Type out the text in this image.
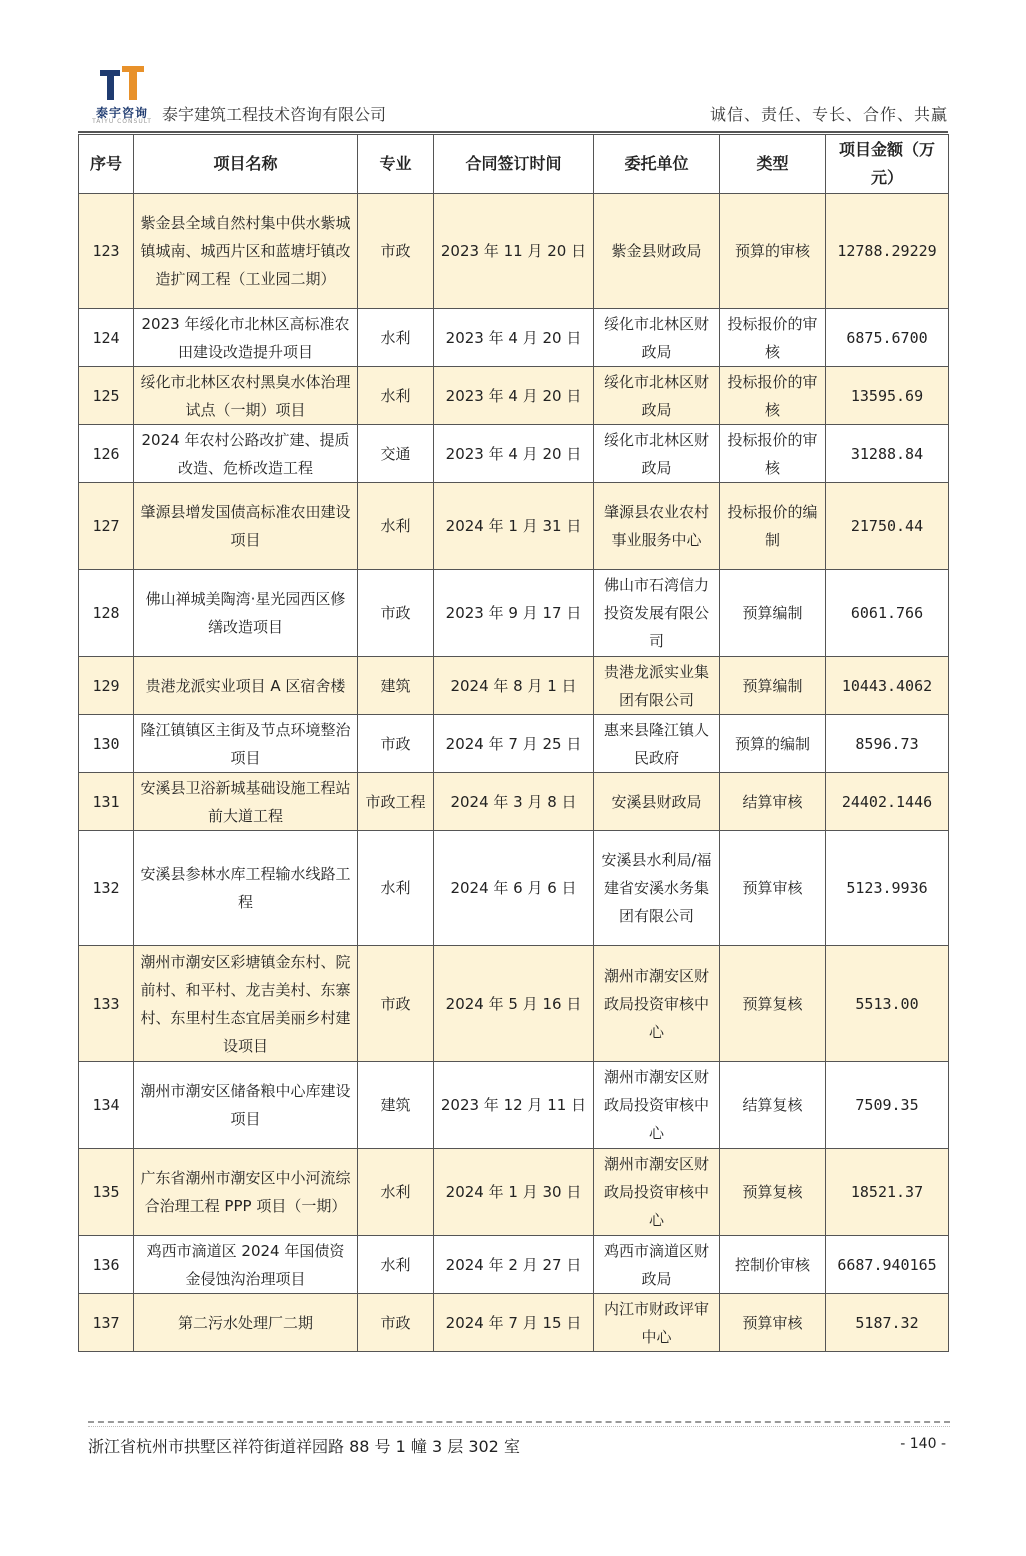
泰宇咨询
TAIYU CONSULT 泰宇建筑工程技术咨询有限公司	诚信、责任、专长、合作、共赢
序号	项目名称	专业	合同签订时间	委托单位	类型	项目金额（万元）
123	紫金县全域自然村集中供水紫城镇城南、城西片区和蓝塘圩镇改造扩网工程（工业园二期）	市政	2023 年 11 月 20 日	紫金县财政局	预算的审核	12788.29229
124	2023 年绥化市北林区高标准农田建设改造提升项目	水利	2023 年 4 月 20 日	绥化市北林区财政局	投标报价的审核	6875.6700
125	绥化市北林区农村黑臭水体治理试点（一期）项目	水利	2023 年 4 月 20 日	绥化市北林区财政局	投标报价的审核	13595.69
126	2024 年农村公路改扩建、提质改造、危桥改造工程	交通	2023 年 4 月 20 日	绥化市北林区财政局	投标报价的审核	31288.84
127	肇源县增发国债高标准农田建设项目	水利	2024 年 1 月 31 日	肇源县农业农村事业服务中心	投标报价的编制	21750.44
128	佛山禅城美陶湾·星光园西区修缮改造项目	市政	2023 年 9 月 17 日	佛山市石湾信力投资发展有限公司	预算编制	6061.766
129	贵港龙派实业项目 A 区宿舍楼	建筑	2024 年 8 月 1 日	贵港龙派实业集团有限公司	预算编制	10443.4062
130	隆江镇镇区主街及节点环境整治项目	市政	2024 年 7 月 25 日	惠来县隆江镇人民政府	预算的编制	8596.73
131	安溪县卫浴新城基础设施工程站前大道工程	市政工程	2024 年 3 月 8 日	安溪县财政局	结算审核	24402.1446
132	安溪县参林水库工程输水线路工程	水利	2024 年 6 月 6 日	安溪县水利局/福建省安溪水务集团有限公司	预算审核	5123.9936
133	潮州市潮安区彩塘镇金东村、院前村、和平村、龙吉美村、东寨村、东里村生态宜居美丽乡村建设项目	市政	2024 年 5 月 16 日	潮州市潮安区财政局投资审核中心	预算复核	5513.00
134	潮州市潮安区储备粮中心库建设项目	建筑	2023 年 12 月 11 日	潮州市潮安区财政局投资审核中心	结算复核	7509.35
135	广东省潮州市潮安区中小河流综合治理工程 PPP 项目（一期）	水利	2024 年 1 月 30 日	潮州市潮安区财政局投资审核中心	预算复核	18521.37
136	鸡西市滴道区 2024 年国债资金侵蚀沟治理项目	水利	2024 年 2 月 27 日	鸡西市滴道区财政局	控制价审核	6687.940165
137	第二污水处理厂二期	市政	2024 年 7 月 15 日	内江市财政评审中心	预算审核	5187.32
浙江省杭州市拱墅区祥符街道祥园路 88 号 1 幢 3 层 302 室	- 140 -
